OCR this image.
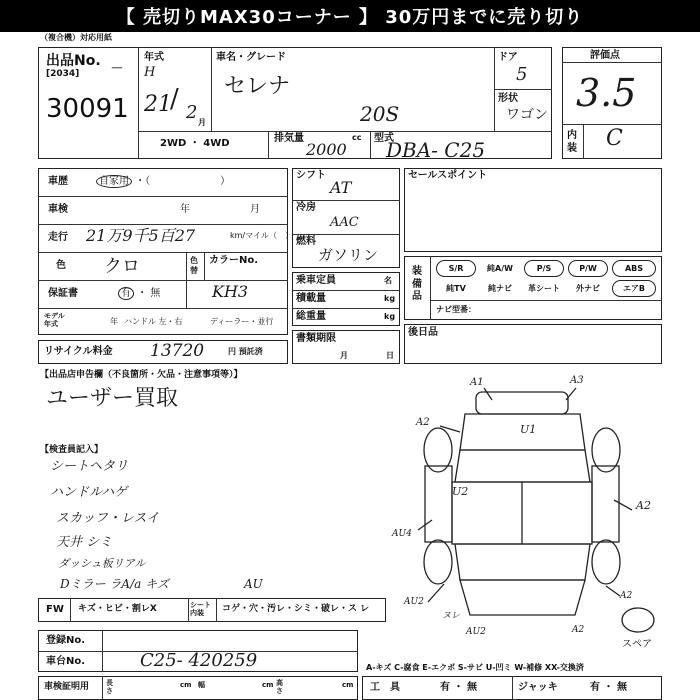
【 売切りMAX30コーナー 】 30万円までに売り切り
（複合機）対応用紙
出品No.
[2034]
＿
30091
年式
H
21
/ 2 月
車名・グレード
セレナ
20S
ドア
5
形状
ワゴン
2WD ・ 4WD	排気量	cc
2000
型式
DBA- C25
評価点
3.5
内装 C
車歴	自家用 ・（　　　　　　　）
車検	年	月
走行 21万9千5百27	km/マイル（　）
色 クロ	色替
カラーNo.
KH3
保証書	有 ・ 無
モデル年式	年 ハンドル 左・右	ディーラー・並行
リサイクル料金 13720	円 預託済
シフト
AT
冷房
AAC
燃料
ガソリン
乗車定員	名
積載量	kg
総重量	kg
書類期限
月	日
セールスポイント
装備品
S/R	純A/W	P/S	P/W	ABS
純TV	純ナビ	革シート	外ナビ	エアB
ナビ型番：
後日品
【出品店申告欄（不良箇所・欠品・注意事項等）】
ユーザー買取
【検査員記入】
シートヘタリ
ハンドルハゲ
スカッフ・レスイ
天井 シミ
ダッシュ板リアル
Dミラー ラA/a キズ	AU
A1	A3
A2
U1
U2
A2
AU4
AU2
ヌレ
AU2
A2
A2
スペア
FW キズ・ヒビ・割レX	シート内装	コゲ・穴・汚レ・シミ・破レ・ス レ
登録No.
車台No.	C25- 420259
車検証明用 長さ
cm 幅	cm 高さ
cm
A-キズ C-腐食 E-エクボ S-サビ U-凹ミ W-補修 XX-交換済
工　具	有 ・ 無	ジャッキ	有 ・ 無
